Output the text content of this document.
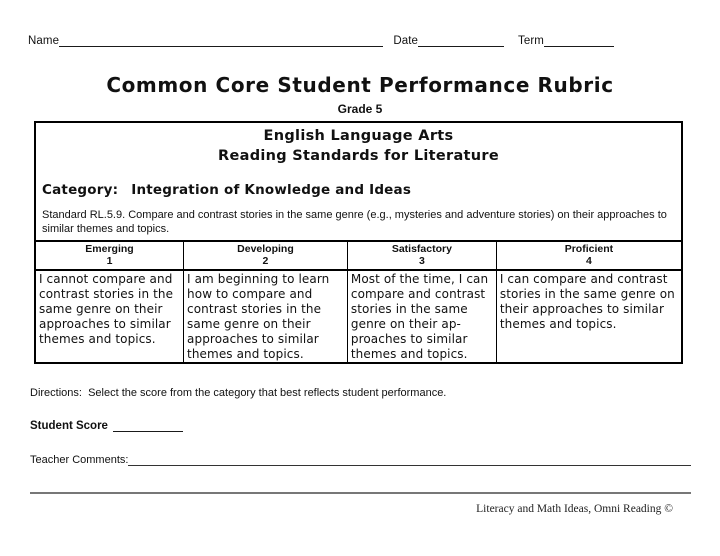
Name	Date	Term
Common Core Student Performance Rubric
Grade 5
English Language Arts
Reading Standards for Literature
Category: Integration of Knowledge and Ideas
Standard RL.5.9. Compare and contrast stories in the same genre (e.g., mysteries and adventure stories) on their approaches to similar themes and topics.
Emerging
1
Developing
2
Satisfactory
3
Proficient
4
I cannot compare and contrast stories in the same genre on their approaches to similar themes and topics.
I am beginning to learn how to compare and contrast stories in the same genre on their approaches to similar themes and topics.
Most of the time, I can compare and contrast stories in the same genre on their ap-proaches to similar themes and topics.
I can compare and contrast stories in the same genre on their approaches to similar themes and topics.
Directions:  Select the score from the category that best reflects student performance.
Student Score
Teacher Comments:
Literacy and Math Ideas, Omni Reading ©
